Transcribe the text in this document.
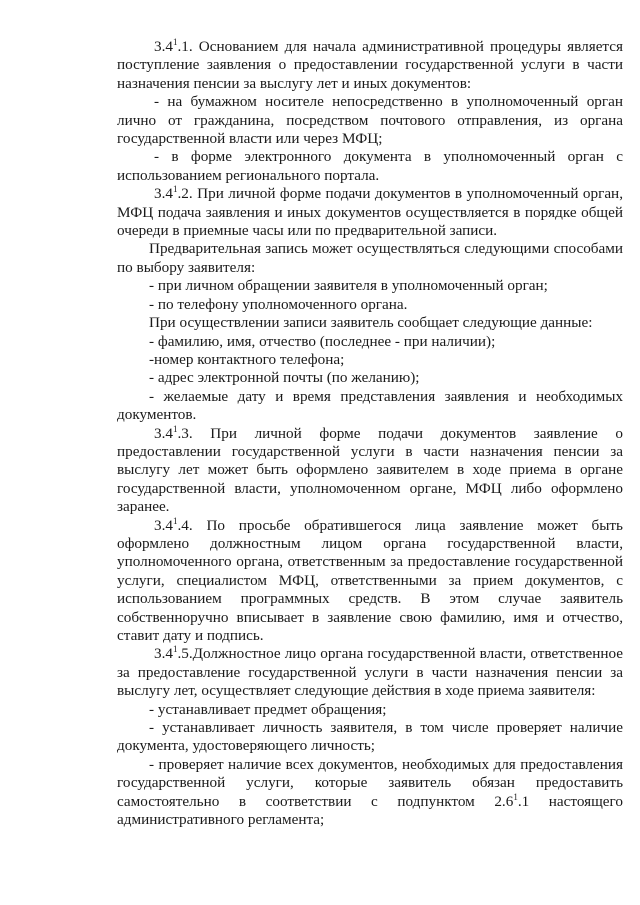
$3.4^1.1$. Основанием для начала административной процедуры является поступление заявления о предоставлении государственной услуги в части назначения пенсии за выслугу лет и иных документов:

- на бумажном носителе непосредственно в уполномоченный орган лично от гражданина, посредством почтового отправления, из органа государственной власти или через МФЦ;

- в форме электронного документа в уполномоченный орган с использованием регионального портала.

$3.4^1.2$. При личной форме подачи документов в уполномоченный орган, МФЦ подача заявления и иных документов осуществляется в порядке общей очереди в приемные часы или по предварительной записи.

Предварительная запись может осуществляться следующими способами по выбору заявителя:

- при личном обращении заявителя в уполномоченный орган;

- по телефону уполномоченного органа.

При осуществлении записи заявитель сообщает следующие данные:

- фамилию, имя, отчество (последнее - при наличии);

-номер контактного телефона;

- адрес электронной почты (по желанию);

- желаемые дату и время представления заявления и необходимых документов.

$3.4^1.3$. При личной форме подачи документов заявление о предоставлении государственной услуги в части назначения пенсии за выслугу лет может быть оформлено заявителем в ходе приема в органе государственной власти, уполномоченном органе, МФЦ либо оформлено заранее.

$3.4^1.4$. По просьбе обратившегося лица заявление может быть оформлено должностным лицом органа государственной власти, уполномоченного органа, ответственным за предоставление государственной услуги, специалистом МФЦ, ответственными за прием документов, с использованием программных средств. В этом случае заявитель собственноручно вписывает в заявление свою фамилию, имя и отчество, ставит дату и подпись.

$3.4^1.5.Должностное$ лицо органа государственной власти, ответственное за предоставление государственной услуги в части назначения пенсии за выслугу лет, осуществляет следующие действия в ходе приема заявителя:

- устанавливает предмет обращения;

- устанавливает личность заявителя, в том числе проверяет наличие документа, удостоверяющего личность;

- проверяет наличие всех документов, необходимых для предоставления государственной услуги, которые заявитель обязан предоставить самостоятельно в соответствии с подпунктом $2.6^1.1$ настоящего административного регламента;
